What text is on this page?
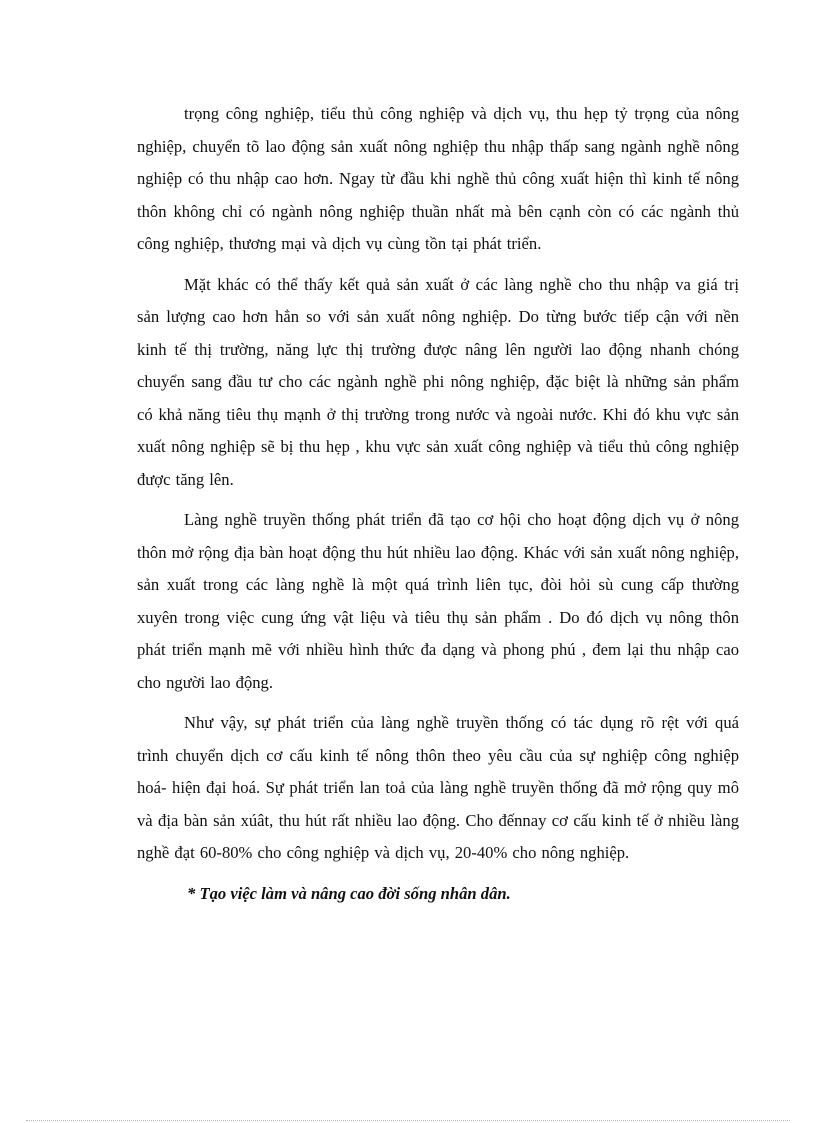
trọng công nghiệp, tiểu thủ công nghiệp và dịch vụ, thu hẹp tỷ trọng của nông nghiệp, chuyển tõ lao động sản xuất nông nghiệp thu nhập thấp sang ngành nghề nông nghiệp có thu nhập cao hơn. Ngay từ đầu khi nghề thủ công xuất hiện thì kinh tế nông thôn không chỉ có ngành nông nghiệp thuần nhất mà bên cạnh còn có các ngành thủ công nghiệp, thương mại và dịch vụ cùng tồn tại phát triển.

Mặt khác có thể thấy kết quả sản xuất ở các làng nghề cho thu nhập va giá trị sản lượng cao hơn hẳn so với sản xuất nông nghiệp. Do từng bước tiếp cận với nền kinh tế thị trường, năng lực thị trường được nâng lên người lao động nhanh chóng chuyển sang đầu tư cho các ngành nghề phi nông nghiệp, đặc biệt là những sản phẩm có khả năng tiêu thụ mạnh ở thị trường trong nước và ngoài nước. Khi đó khu vực sản xuất nông nghiệp sẽ bị thu hẹp , khu vực sản xuất công nghiệp và tiểu thủ công nghiệp được tăng lên.

Làng nghề truyền thống phát triển đã tạo cơ hội cho hoạt động dịch vụ ở nông thôn mở rộng địa bàn hoạt động thu hút nhiều lao động. Khác với sản xuất nông nghiệp, sản xuất trong các làng nghề là một quá trình liên tục, đòi hỏi sù cung cấp thường xuyên trong việc cung ứng vật liệu và tiêu thụ sản phẩm . Do đó dịch vụ nông thôn phát triển mạnh mẽ với nhiều hình thức đa dạng và phong phú , đem lại thu nhập cao cho người lao động.

Như vậy, sự phát triển của làng nghề truyền thống có tác dụng rõ rệt với quá trình chuyển dịch cơ cấu kinh tế nông thôn theo yêu cầu của sự nghiệp công nghiệp hoá- hiện đại hoá. Sự phát triển lan toả của làng nghề truyền thống đã mở rộng quy mô và địa bàn sản xúât, thu hút rất nhiều lao động. Cho đếnnay cơ cấu kinh tế ở nhiều làng nghề đạt 60-80% cho công nghiệp và dịch vụ, 20-40% cho nông nghiệp.

* Tạo việc làm và nâng cao đời sống nhân dân.
